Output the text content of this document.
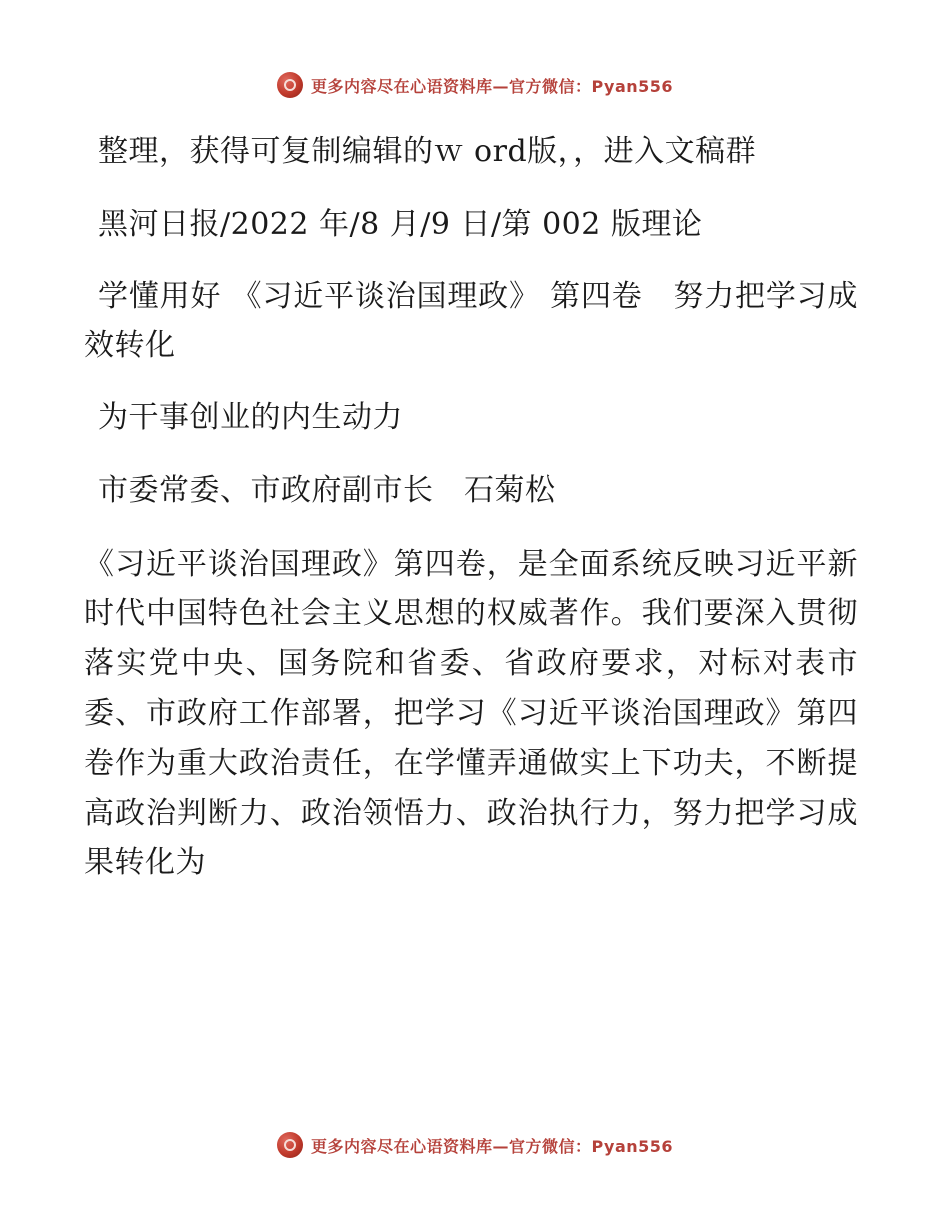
更多内容尽在心语资料库—官方微信：Pyan556

整理，获得可复制编辑的ｗ ord版，，进入文稿群

黑河日报/2022 年/8 月/9 日/第 002 版理论

学懂用好 《习近平谈治国理政》 第四卷　努力把学习成效转化

为干事创业的内生动力

市委常委、市政府副市长　石菊松

《习近平谈治国理政》第四卷，是全面系统反映习近平新时代中国特色社会主义思想的权威著作。我们要深入贯彻落实党中央、国务院和省委、省政府要求，对标对表市委、市政府工作部署，把学习《习近平谈治国理政》第四卷作为重大政治责任，在学懂弄通做实上下功夫，不断提高政治判断力、政治领悟力、政治执行力，努力把学习成果转化为

更多内容尽在心语资料库—官方微信：Pyan556
